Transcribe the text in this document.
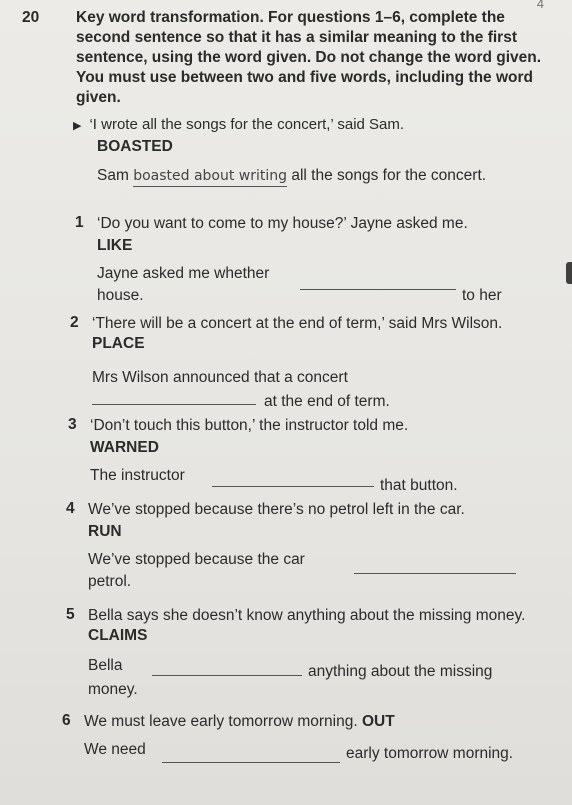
4
20 Key word transformation. For questions 1–6, complete the second sentence so that it has a similar meaning to the first sentence, using the word given. Do not change the word given. You must use between two and five words, including the word given.
▶ ‘I wrote all the songs for the concert,’ said Sam.
BOASTED
Sam boasted about writing all the songs for the concert.
1 ‘Do you want to come to my house?’ Jayne asked me.
LIKE
Jayne asked me whether
to her
house.
2 ‘There will be a concert at the end of term,’ said Mrs Wilson. PLACE
Mrs Wilson announced that a concert
at the end of term.
3 ‘Don’t touch this button,’ the instructor told me.
WARNED
The instructor
that button.
4 We’ve stopped because there’s no petrol left in the car.
RUN
We’ve stopped because the car
petrol.
5 Bella says she doesn’t know anything about the missing money. CLAIMS
Bella	anything about the missing
money.
6 We must leave early tomorrow morning. OUT
We need	early tomorrow morning.
